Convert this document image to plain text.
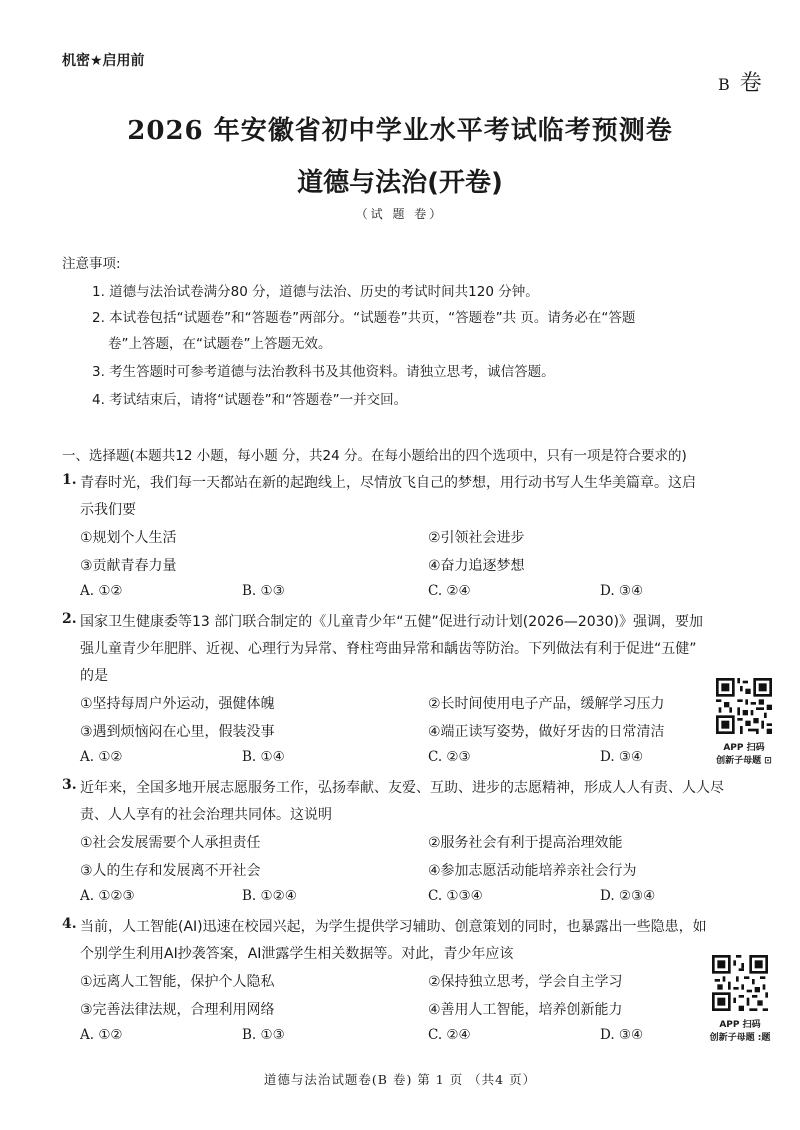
机密★启用前
B 卷
2026 年安徽省初中学业水平考试临考预测卷
道德与法治(开卷)
（试 题 卷）
注意事项:
1. 道德与法治试卷满分80 分，道德与法治、历史的考试时间共120 分钟。
2. 本试卷包括“试题卷”和“答题卷”两部分。“试题卷”共页，“答题卷”共 页。请务必在“答题
卷”上答题，在“试题卷”上答题无效。
3. 考生答题时可参考道德与法治教科书及其他资料。请独立思考，诚信答题。
4. 考试结束后，请将“试题卷”和“答题卷”一并交回。
一、选择题(本题共12 小题，每小题 分，共24 分。在每小题给出的四个选项中，只有一项是符合要求的)
1. 青春时光，我们每一天都站在新的起跑线上，尽情放飞自己的梦想，用行动书写人生华美篇章。这启
示我们要
①规划个人生活	②引领社会进步
③贡献青春力量	④奋力追逐梦想
A. ①②	B. ①③	C. ②④	D. ③④
2. 国家卫生健康委等13 部门联合制定的《儿童青少年“五健”促进行动计划(2026—2030)》强调，要加
强儿童青少年肥胖、近视、心理行为异常、脊柱弯曲异常和龋齿等防治。下列做法有利于促进“五健”
的是
①坚持每周户外运动，强健体魄	②长时间使用电子产品，缓解学习压力
③遇到烦恼闷在心里，假装没事	④端正读写姿势，做好牙齿的日常清洁
A. ①②	B. ①④	C. ②③	D. ③④
APP 扫码
创新子母题 ⊡
3. 近年来，全国多地开展志愿服务工作，弘扬奉献、友爱、互助、进步的志愿精神，形成人人有责、人人尽
责、人人享有的社会治理共同体。这说明
①社会发展需要个人承担责任	②服务社会有利于提高治理效能
③人的生存和发展离不开社会	④参加志愿活动能培养亲社会行为
A. ①②③	B. ①②④	C. ①③④	D. ②③④
4. 当前，人工智能(AI)迅速在校园兴起，为学生提供学习辅助、创意策划的同时，也暴露出一些隐患，如
个别学生利用AI抄袭答案，AI泄露学生相关数据等。对此，青少年应该
①远离人工智能，保护个人隐私	②保持独立思考，学会自主学习
③完善法律法规，合理利用网络	④善用人工智能，培养创新能力
A. ①②	B. ①③	C. ②④	D. ③④
APP 扫码
创新子母题 :题
道德与法治试题卷(B 卷) 第 1 页 （共4 页）
